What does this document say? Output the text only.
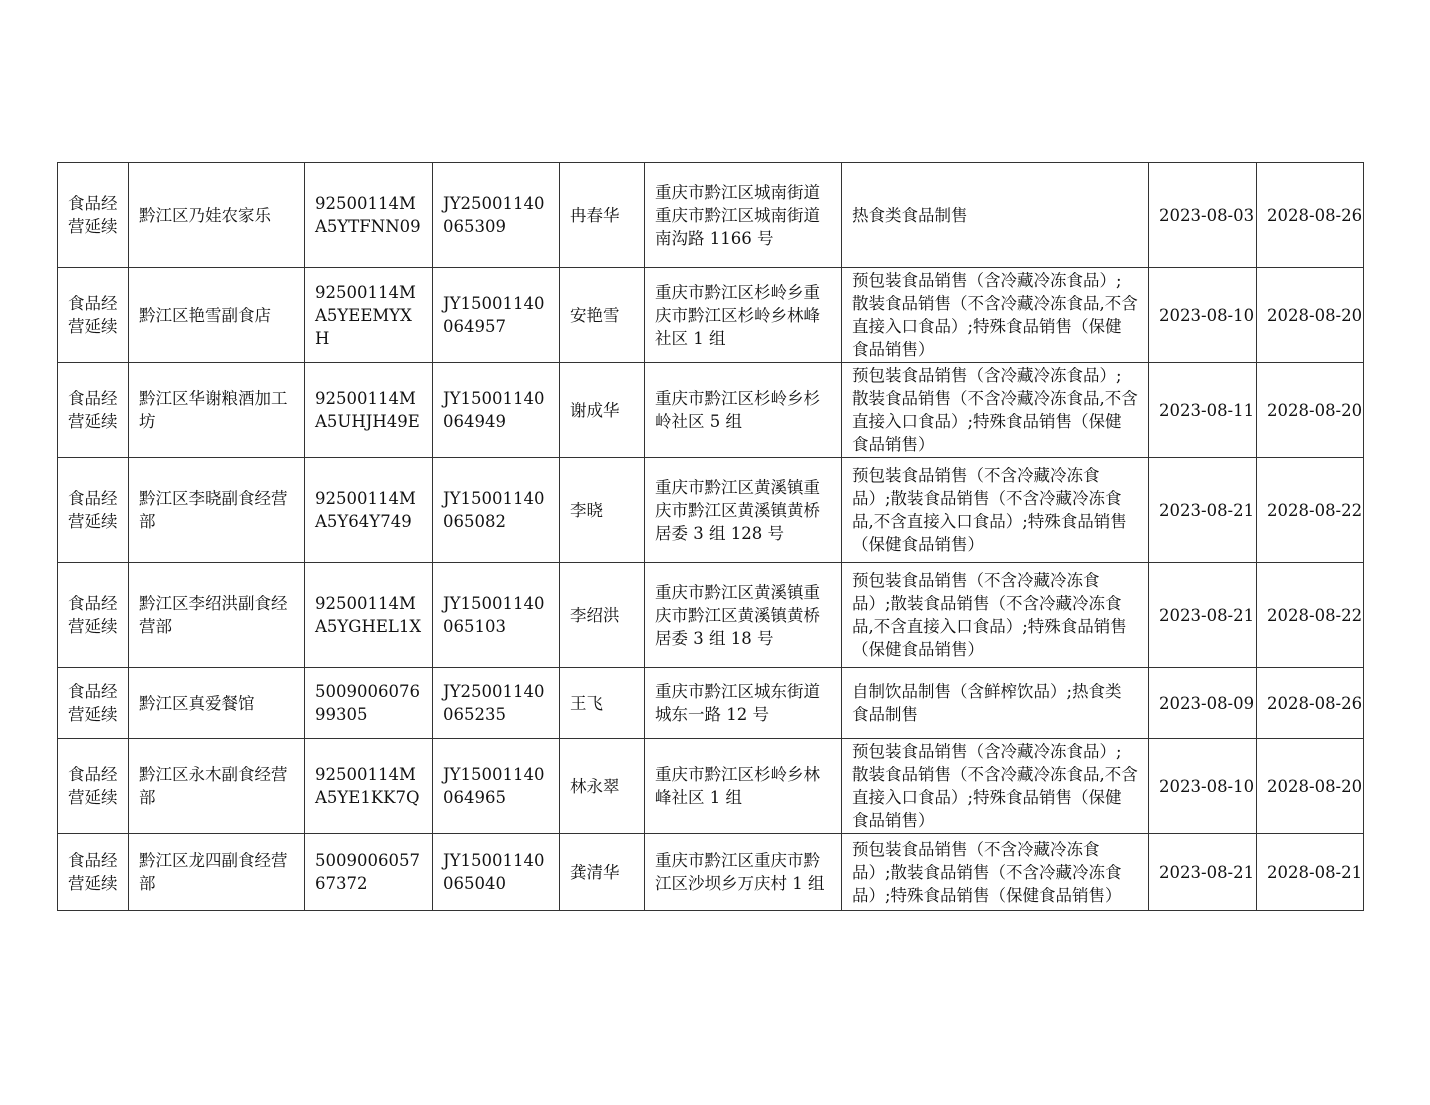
食品经营延续	黔江区乃娃农家乐	92500114MA5YTFNN09	JY25001140065309	冉春华	重庆市黔江区城南街道重庆市黔江区城南街道南沟路 1166 号	热食类食品制售	2023-08-03	2028-08-26

食品经营延续	黔江区艳雪副食店	92500114MA5YEEMYXH	JY15001140064957	安艳雪	重庆市黔江区杉岭乡重庆市黔江区杉岭乡林峰社区 1 组	预包装食品销售（含冷藏冷冻食品）;散装食品销售（不含冷藏冷冻食品,不含直接入口食品）;特殊食品销售（保健食品销售）	2023-08-10	2028-08-20

食品经营延续	黔江区华谢粮酒加工坊	92500114MA5UHJH49E	JY15001140064949	谢成华	重庆市黔江区杉岭乡杉岭社区 5 组	预包装食品销售（含冷藏冷冻食品）;散装食品销售（不含冷藏冷冻食品,不含直接入口食品）;特殊食品销售（保健食品销售）	2023-08-11	2028-08-20

食品经营延续	黔江区李晓副食经营部	92500114MA5Y64Y749	JY15001140065082	李晓	重庆市黔江区黄溪镇重庆市黔江区黄溪镇黄桥居委 3 组 128 号	预包装食品销售（不含冷藏冷冻食品）;散装食品销售（不含冷藏冷冻食品,不含直接入口食品）;特殊食品销售（保健食品销售）	2023-08-21	2028-08-22

食品经营延续	黔江区李绍洪副食经营部	92500114MA5YGHEL1X	JY15001140065103	李绍洪	重庆市黔江区黄溪镇重庆市黔江区黄溪镇黄桥居委 3 组 18 号	预包装食品销售（不含冷藏冷冻食品）;散装食品销售（不含冷藏冷冻食品,不含直接入口食品）;特殊食品销售（保健食品销售）	2023-08-21	2028-08-22

食品经营延续	黔江区真爱餐馆	500900607699305	JY25001140065235	王飞	重庆市黔江区城东街道城东一路 12 号	自制饮品制售（含鲜榨饮品）;热食类食品制售	2023-08-09	2028-08-26

食品经营延续	黔江区永木副食经营部	92500114MA5YE1KK7Q	JY15001140064965	林永翠	重庆市黔江区杉岭乡林峰社区 1 组	预包装食品销售（含冷藏冷冻食品）;散装食品销售（不含冷藏冷冻食品,不含直接入口食品）;特殊食品销售（保健食品销售）	2023-08-10	2028-08-20

食品经营延续	黔江区龙四副食经营部	500900605767372	JY15001140065040	龚清华	重庆市黔江区重庆市黔江区沙坝乡万庆村 1 组	预包装食品销售（不含冷藏冷冻食品）;散装食品销售（不含冷藏冷冻食品）;特殊食品销售（保健食品销售）	2023-08-21	2028-08-21
